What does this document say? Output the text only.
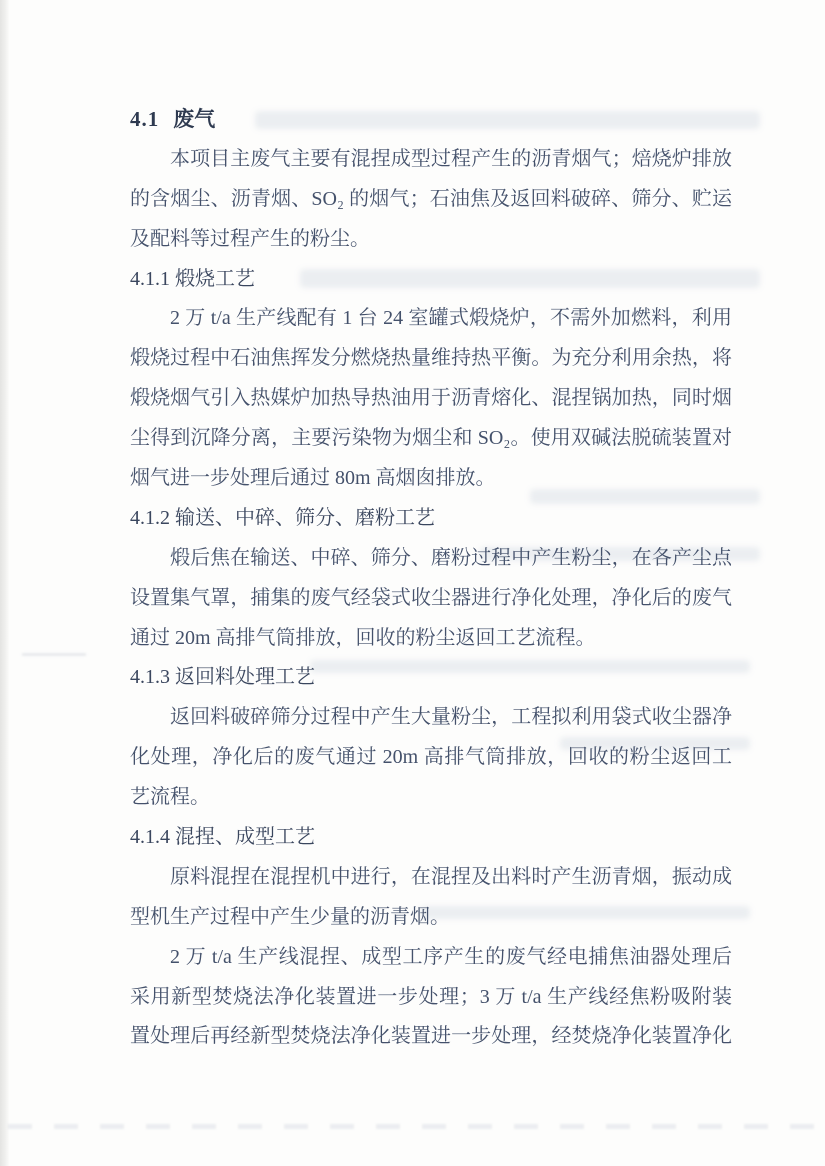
4.1 废气
本项目主废气主要有混捏成型过程产生的沥青烟气；焙烧炉排放
的含烟尘、沥青烟、SO₂ 的烟气；石油焦及返回料破碎、筛分、贮运
及配料等过程产生的粉尘。
4.1.1 煅烧工艺
2 万 t/a 生产线配有 1 台 24 室罐式煅烧炉，不需外加燃料，利用
煅烧过程中石油焦挥发分燃烧热量维持热平衡。为充分利用余热，将
煅烧烟气引入热媒炉加热导热油用于沥青熔化、混捏锅加热，同时烟
尘得到沉降分离，主要污染物为烟尘和 SO₂。使用双碱法脱硫装置对
烟气进一步处理后通过 80m 高烟囱排放。
4.1.2 输送、中碎、筛分、磨粉工艺
煅后焦在输送、中碎、筛分、磨粉过程中产生粉尘，在各产尘点
设置集气罩，捕集的废气经袋式收尘器进行净化处理，净化后的废气
通过 20m 高排气筒排放，回收的粉尘返回工艺流程。
4.1.3 返回料处理工艺
返回料破碎筛分过程中产生大量粉尘，工程拟利用袋式收尘器净
化处理，净化后的废气通过 20m 高排气筒排放，回收的粉尘返回工
艺流程。
4.1.4 混捏、成型工艺
原料混捏在混捏机中进行，在混捏及出料时产生沥青烟，振动成
型机生产过程中产生少量的沥青烟。
2 万 t/a 生产线混捏、成型工序产生的废气经电捕焦油器处理后
采用新型焚烧法净化装置进一步处理；3 万 t/a 生产线经焦粉吸附装
置处理后再经新型焚烧法净化装置进一步处理，经焚烧净化装置净化
